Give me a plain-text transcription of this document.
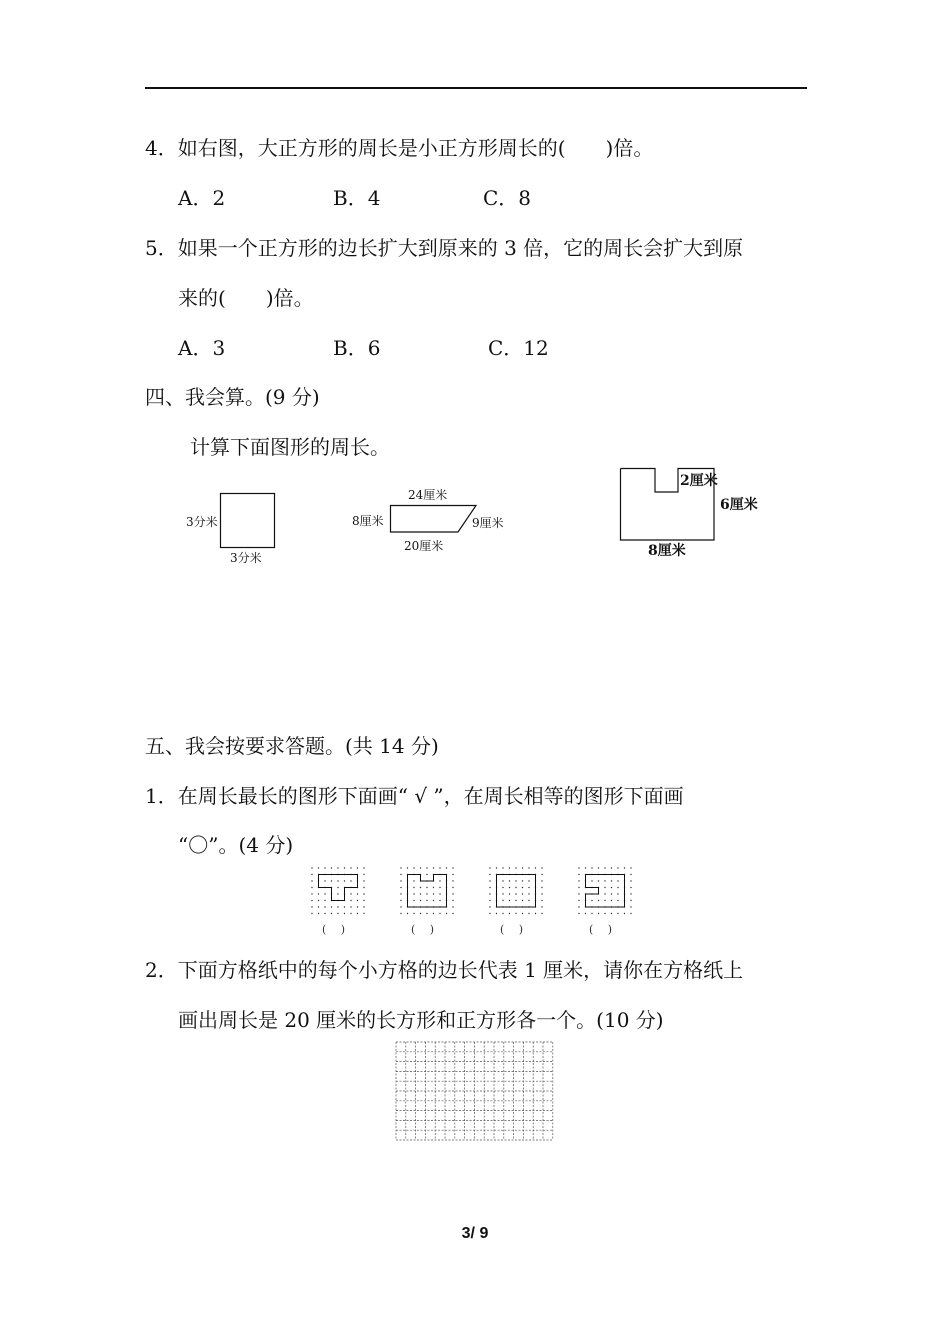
4．如右图，大正方形的周长是小正方形周长的( )倍。
A．2	B．4	C．8
5．如果一个正方形的边长扩大到原来的 3 倍，它的周长会扩大到原
来的( )倍。
A．3	B．6	C．12
四、我会算。(9 分)
计算下面图形的周长。
3分米
3分米
24厘米
8厘米	9厘米
20厘米
2厘米
6厘米
8厘米
五、我会按要求答题。(共 14 分)
1．在周长最长的图形下面画“ √ ”，在周长相等的图形下面画
“〇”。(4 分)
(　 )	(　 )	(　 )	(　 )
2．下面方格纸中的每个小方格的边长代表 1 厘米，请你在方格纸上
画出周长是 20 厘米的长方形和正方形各一个。(10 分)
3/ 9
